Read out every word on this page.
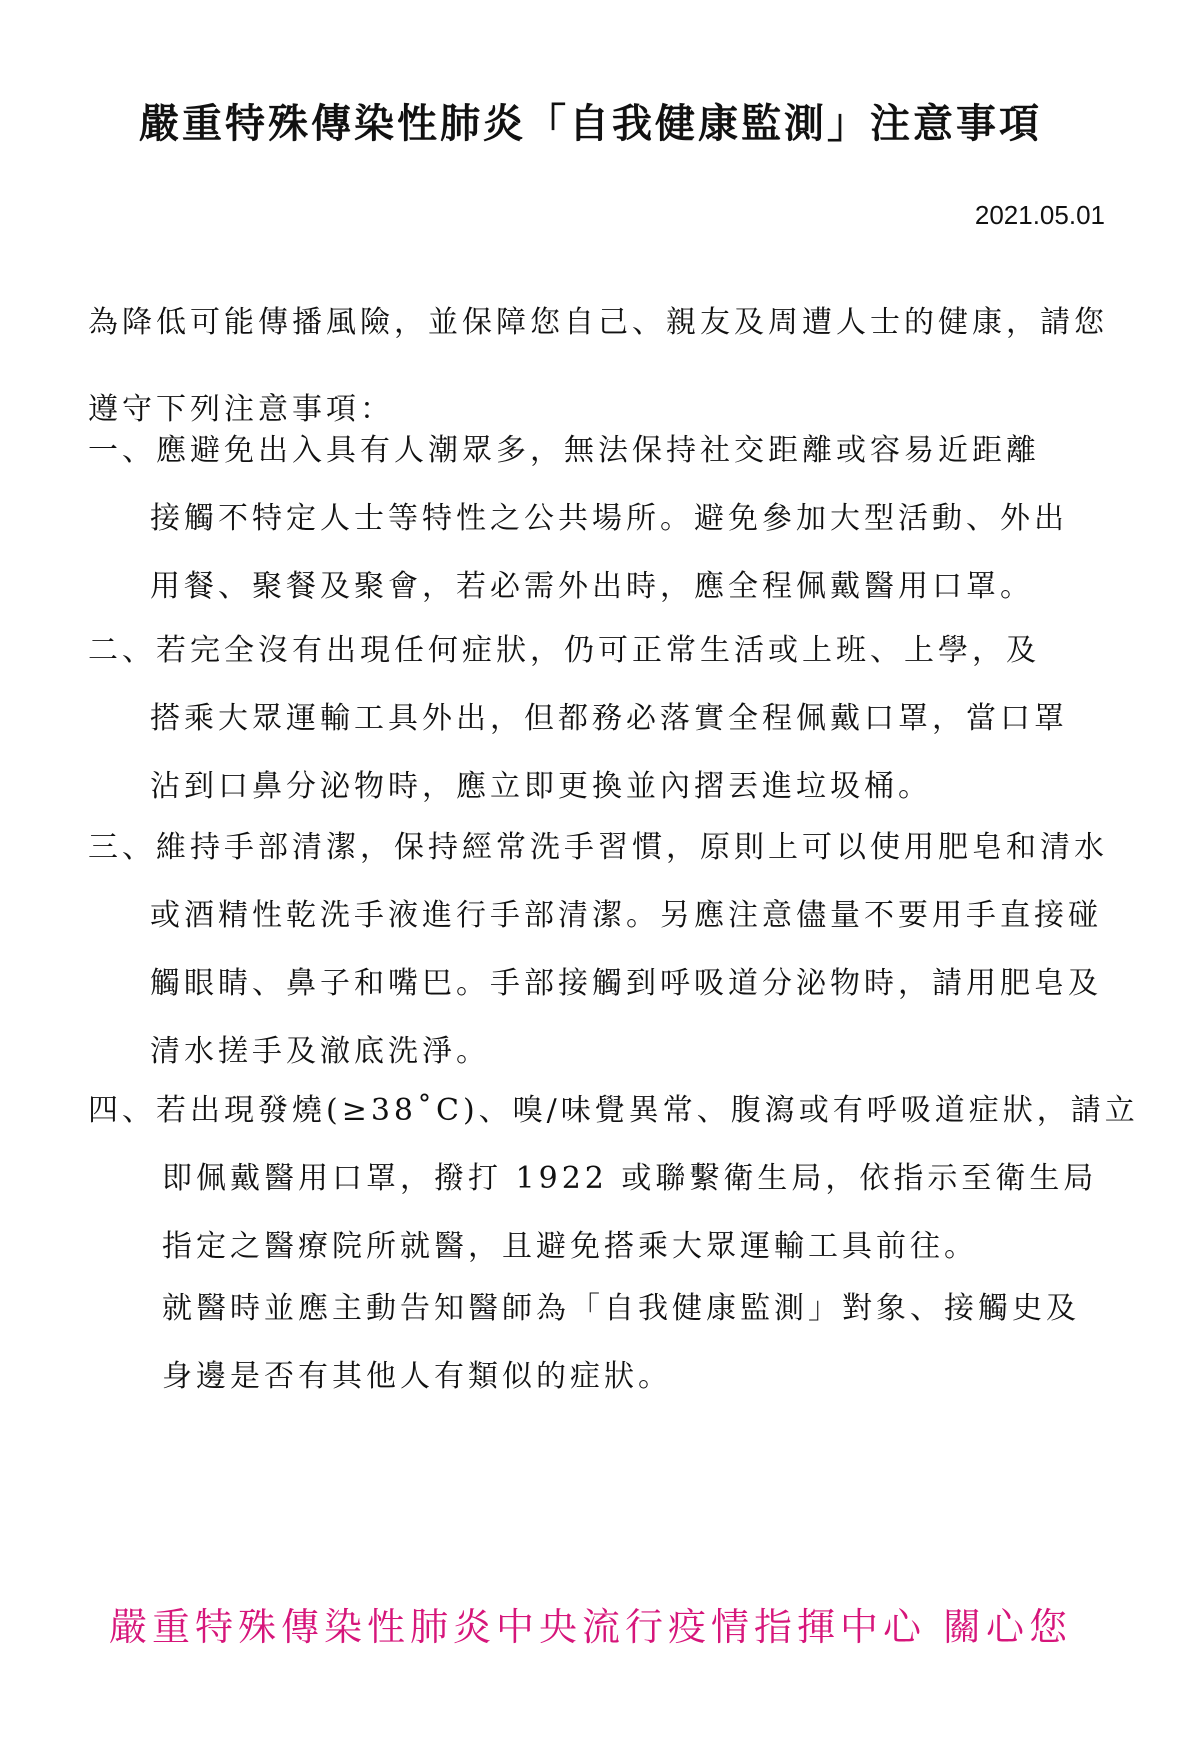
嚴重特殊傳染性肺炎「自我健康監測」注意事項
2021.05.01
為降低可能傳播風險，並保障您自己、親友及周遭人士的健康，請您
遵守下列注意事項：
一、應避免出入具有人潮眾多，無法保持社交距離或容易近距離
接觸不特定人士等特性之公共場所。避免參加大型活動、外出
用餐、聚餐及聚會，若必需外出時，應全程佩戴醫用口罩。
二、若完全沒有出現任何症狀，仍可正常生活或上班、上學，及
搭乘大眾運輸工具外出，但都務必落實全程佩戴口罩，當口罩
沾到口鼻分泌物時，應立即更換並內摺丟進垃圾桶。
三、維持手部清潔，保持經常洗手習慣，原則上可以使用肥皂和清水
或酒精性乾洗手液進行手部清潔。另應注意儘量不要用手直接碰
觸眼睛、鼻子和嘴巴。手部接觸到呼吸道分泌物時，請用肥皂及
清水搓手及澈底洗淨。
四、若出現發燒(≥38˚C)、嗅/味覺異常、腹瀉或有呼吸道症狀，請立
即佩戴醫用口罩，撥打 1922 或聯繫衛生局，依指示至衛生局
指定之醫療院所就醫，且避免搭乘大眾運輸工具前往。
就醫時並應主動告知醫師為「自我健康監測」對象、接觸史及
身邊是否有其他人有類似的症狀。
嚴重特殊傳染性肺炎中央流行疫情指揮中心 關心您
